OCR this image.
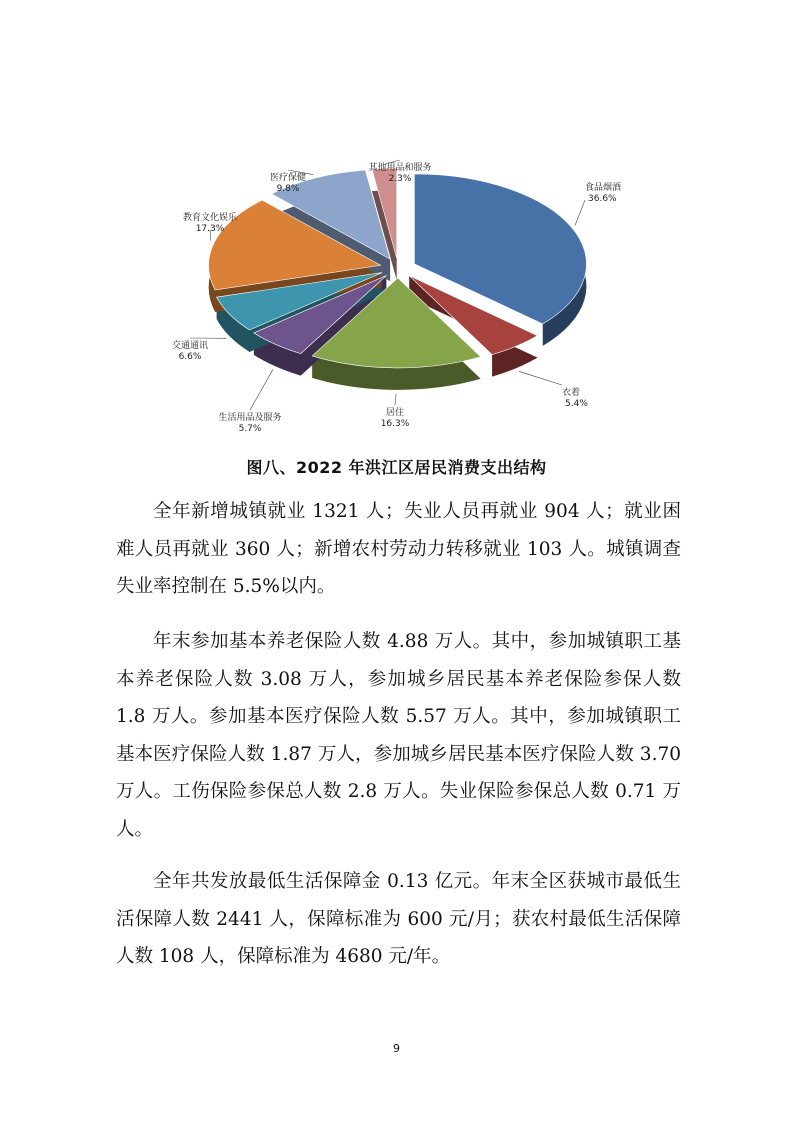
食品烟酒
36.6%
衣着
5.4%
居住
16.3%
生活用品及服务
5.7%
交通通讯
6.6%
教育文化娱乐
17.3%
医疗保健
9.8%
其他用品和服务
2.3%
图八、2022 年洪江区居民消费支出结构

全年新增城镇就业 1321 人；失业人员再就业 904 人；就业困难人员再就业 360 人；新增农村劳动力转移就业 103 人。城镇调查失业率控制在 5.5%以内。

年末参加基本养老保险人数 4.88 万人。其中，参加城镇职工基本养老保险人数 3.08 万人，参加城乡居民基本养老保险参保人数 1.8 万人。参加基本医疗保险人数 5.57 万人。其中，参加城镇职工基本医疗保险人数 1.87 万人，参加城乡居民基本医疗保险人数 3.70 万人。工伤保险参保总人数 2.8 万人。失业保险参保总人数 0.71 万人。

全年共发放最低生活保障金 0.13 亿元。年末全区获城市最低生活保障人数 2441 人，保障标准为 600 元/月；获农村最低生活保障人数 108 人，保障标准为 4680 元/年。

9
